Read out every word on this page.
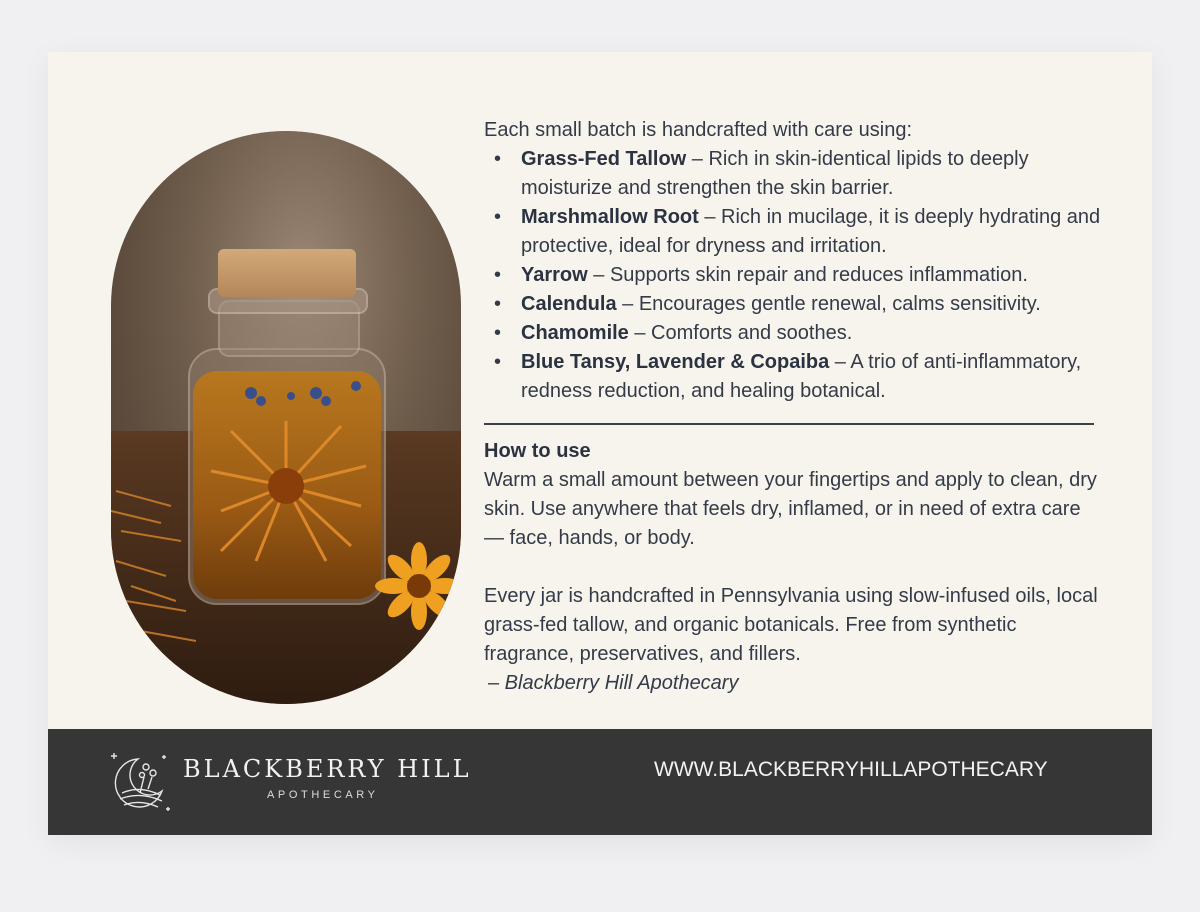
Each small batch is handcrafted with care using:

• Grass-Fed Tallow – Rich in skin-identical lipids to deeply moisturize and strengthen the skin barrier.
• Marshmallow Root – Rich in mucilage, it is deeply hydrating and protective, ideal for dryness and irritation.
• Yarrow – Supports skin repair and reduces inflammation.
• Calendula – Encourages gentle renewal, calms sensitivity.
• Chamomile – Comforts and soothes.
• Blue Tansy, Lavender & Copaiba – A trio of anti-inflammatory, redness reduction, and healing botanical.

How to use

Warm a small amount between your fingertips and apply to clean, dry skin. Use anywhere that feels dry, inflamed, or in need of extra care — face, hands, or body.

Every jar is handcrafted in Pennsylvania using slow-infused oils, local grass-fed tallow, and organic botanicals. Free from synthetic fragrance, preservatives, and fillers.

– Blackberry Hill Apothecary

BLACKBERRY HILL
APOTHECARY
WWW.BLACKBERRYHILLAPOTHECARY
